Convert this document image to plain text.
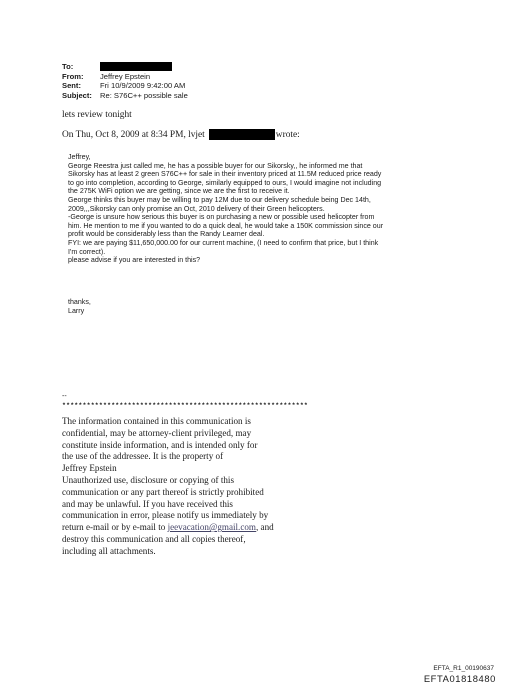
To:
From:	Jeffrey Epstein
Sent:	Fri 10/9/2009 9:42:00 AM
Subject:	Re: S76C++ possible sale
lets review tonight
On Thu, Oct 8, 2009 at 8:34 PM, lvjet	wrote:

Jeffrey,

George Reestra just called me, he has a possible buyer for our Sikorsky,, he informed me that

Sikorsky has at least 2 green S76C++ for sale in their inventory priced at 11.5M reduced price ready

to go into completion, according to George, similarly equipped to ours, I would imagine not including

the 275K WiFi option we are getting, since we are the first to receive it.

George thinks this buyer may be willing to pay 12M due to our delivery schedule being Dec 14th,

2009,,,Sikorsky can only promise an Oct, 2010 delivery of their Green helicopters.

-George is unsure how serious this buyer is on purchasing a new or possible used helicopter from

him. He mention to me if you wanted to do a quick deal, he would take a 150K commission since our

profit would be considerably less than the Randy Learner deal.

FYI: we are paying $11,650,000.00 for our current machine, (I need to confirm that price, but I think

I'm correct).

please advise if you are interested in this?

thanks,

Larry

--
************************************************************

The information contained in this communication is

confidential, may be attorney-client privileged, may

constitute inside information, and is intended only for

the use of the addressee. It is the property of

Jeffrey Epstein

Unauthorized use, disclosure or copying of this

communication or any part thereof is strictly prohibited

and may be unlawful. If you have received this

communication in error, please notify us immediately by

return e-mail or by e-mail to jeevacation@gmail.com, and

destroy this communication and all copies thereof,

including all attachments.

EFTA_R1_00190637
EFTA01818480
